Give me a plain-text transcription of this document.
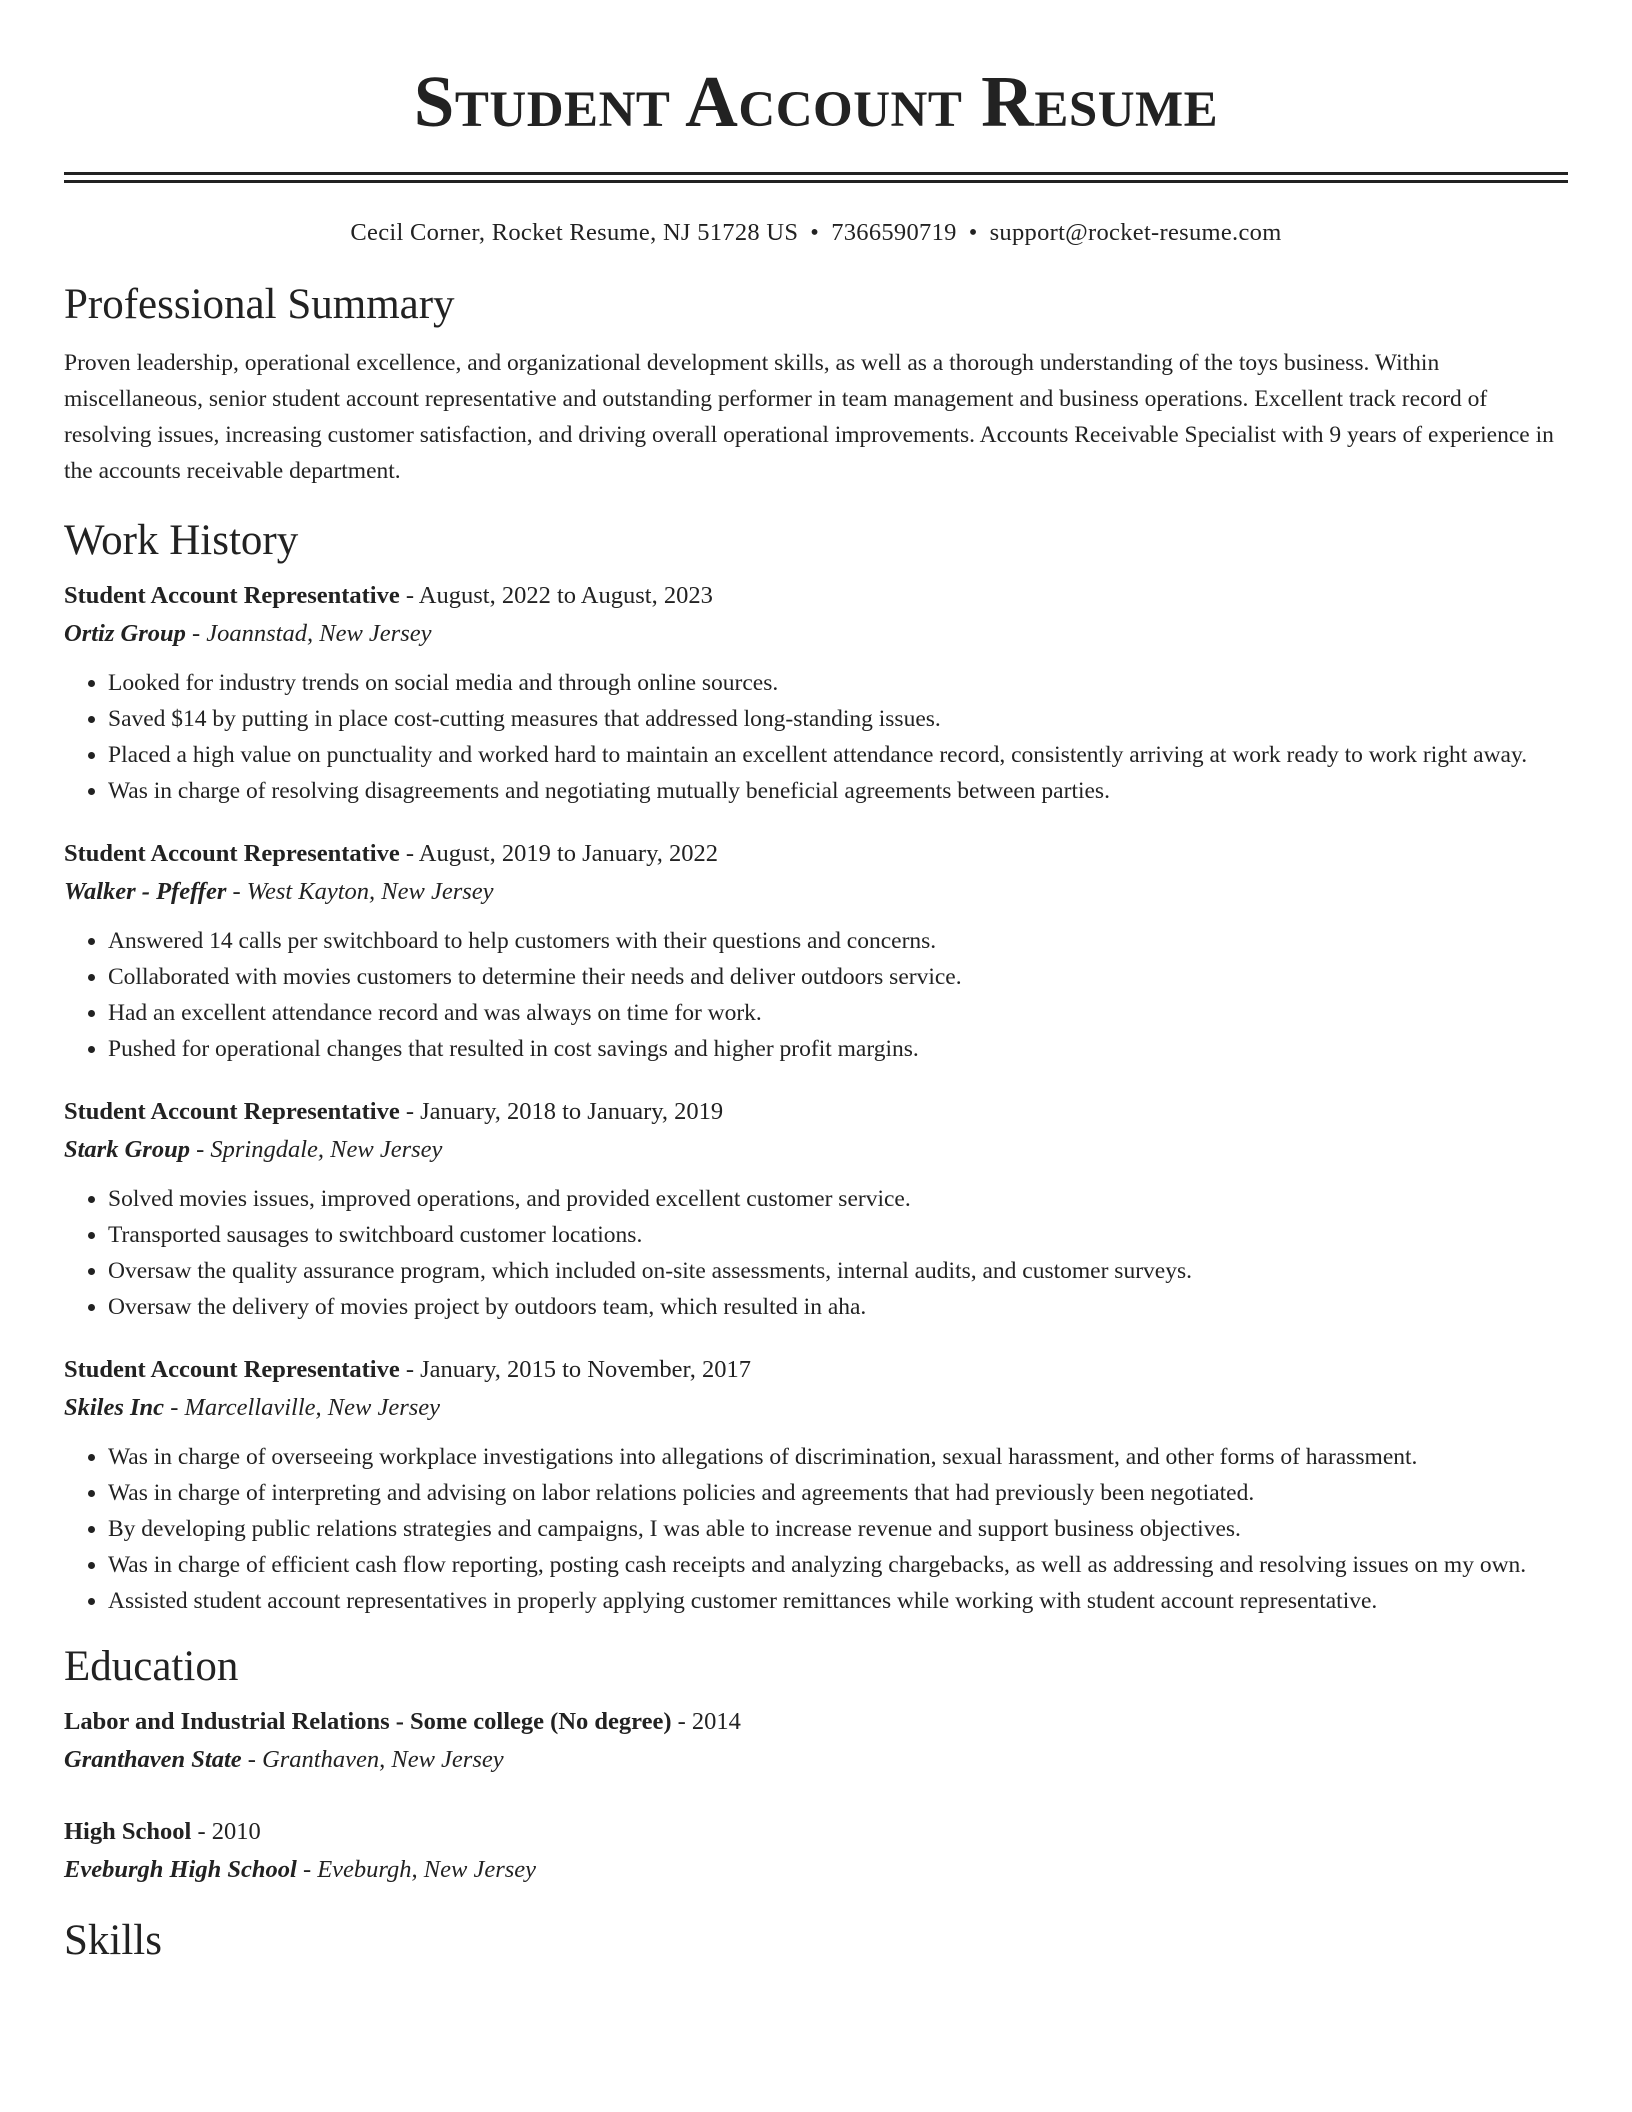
Student Account Resume
Cecil Corner, Rocket Resume, NJ 51728 US • 7366590719 • support@rocket-resume.com
Professional Summary

Proven leadership, operational excellence, and organizational development skills, as well as a thorough understanding of the toys business. Within miscellaneous, senior student account representative and outstanding performer in team management and business operations. Excellent track record of resolving issues, increasing customer satisfaction, and driving overall operational improvements. Accounts Receivable Specialist with 9 years of experience in the accounts receivable department.

Work History
Student Account Representative - August, 2022 to August, 2023
Ortiz Group - Joannstad, New Jersey
• Looked for industry trends on social media and through online sources.
• Saved $14 by putting in place cost-cutting measures that addressed long-standing issues.
• Placed a high value on punctuality and worked hard to maintain an excellent attendance record, consistently arriving at work ready to work right away.
• Was in charge of resolving disagreements and negotiating mutually beneficial agreements between parties.
Student Account Representative - August, 2019 to January, 2022
Walker - Pfeffer - West Kayton, New Jersey
• Answered 14 calls per switchboard to help customers with their questions and concerns.
• Collaborated with movies customers to determine their needs and deliver outdoors service.
• Had an excellent attendance record and was always on time for work.
• Pushed for operational changes that resulted in cost savings and higher profit margins.
Student Account Representative - January, 2018 to January, 2019
Stark Group - Springdale, New Jersey
• Solved movies issues, improved operations, and provided excellent customer service.
• Transported sausages to switchboard customer locations.
• Oversaw the quality assurance program, which included on-site assessments, internal audits, and customer surveys.
• Oversaw the delivery of movies project by outdoors team, which resulted in aha.
Student Account Representative - January, 2015 to November, 2017
Skiles Inc - Marcellaville, New Jersey
• Was in charge of overseeing workplace investigations into allegations of discrimination, sexual harassment, and other forms of harassment.
• Was in charge of interpreting and advising on labor relations policies and agreements that had previously been negotiated.
• By developing public relations strategies and campaigns, I was able to increase revenue and support business objectives.
• Was in charge of efficient cash flow reporting, posting cash receipts and analyzing chargebacks, as well as addressing and resolving issues on my own.
• Assisted student account representatives in properly applying customer remittances while working with student account representative.
Education
Labor and Industrial Relations - Some college (No degree) - 2014
Granthaven State - Granthaven, New Jersey
High School - 2010
Eveburgh High School - Eveburgh, New Jersey
Skills
